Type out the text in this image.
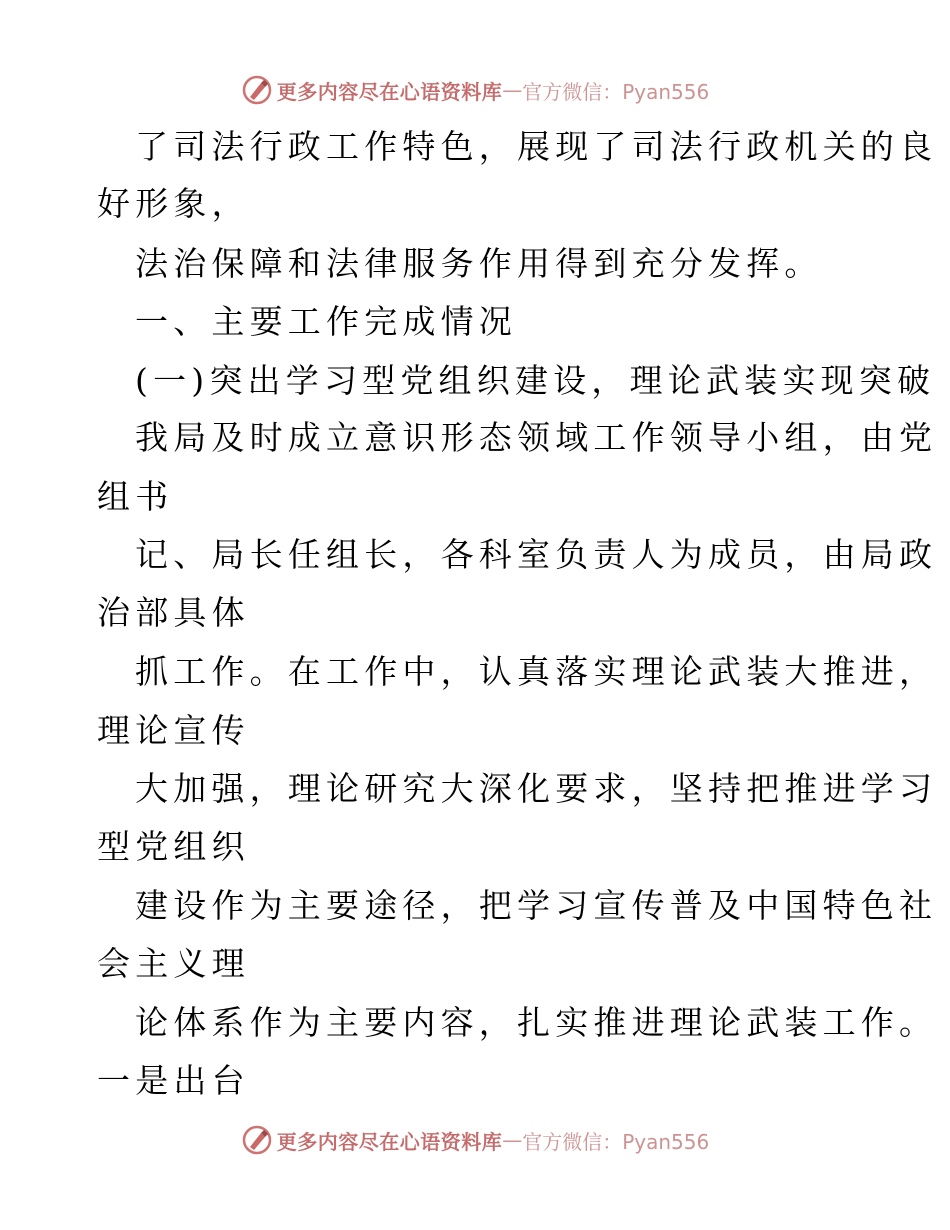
更多内容尽在心语资料库 — 官方微信：Pyan556
了司法行政工作特色，展现了司法行政机关的良
好形象，
法治保障和法律服务作用得到充分发挥。
一、主要工作完成情况
(一)突出学习型党组织建设，理论武装实现突破
我局及时成立意识形态领域工作领导小组，由党
组书
记、局长任组长，各科室负责人为成员，由局政
治部具体
抓工作。在工作中，认真落实理论武装大推进，
理论宣传
大加强，理论研究大深化要求，坚持把推进学习
型党组织
建设作为主要途径，把学习宣传普及中国特色社
会主义理
论体系作为主要内容，扎实推进理论武装工作。
一是出台
更多内容尽在心语资料库 — 官方微信：Pyan556
